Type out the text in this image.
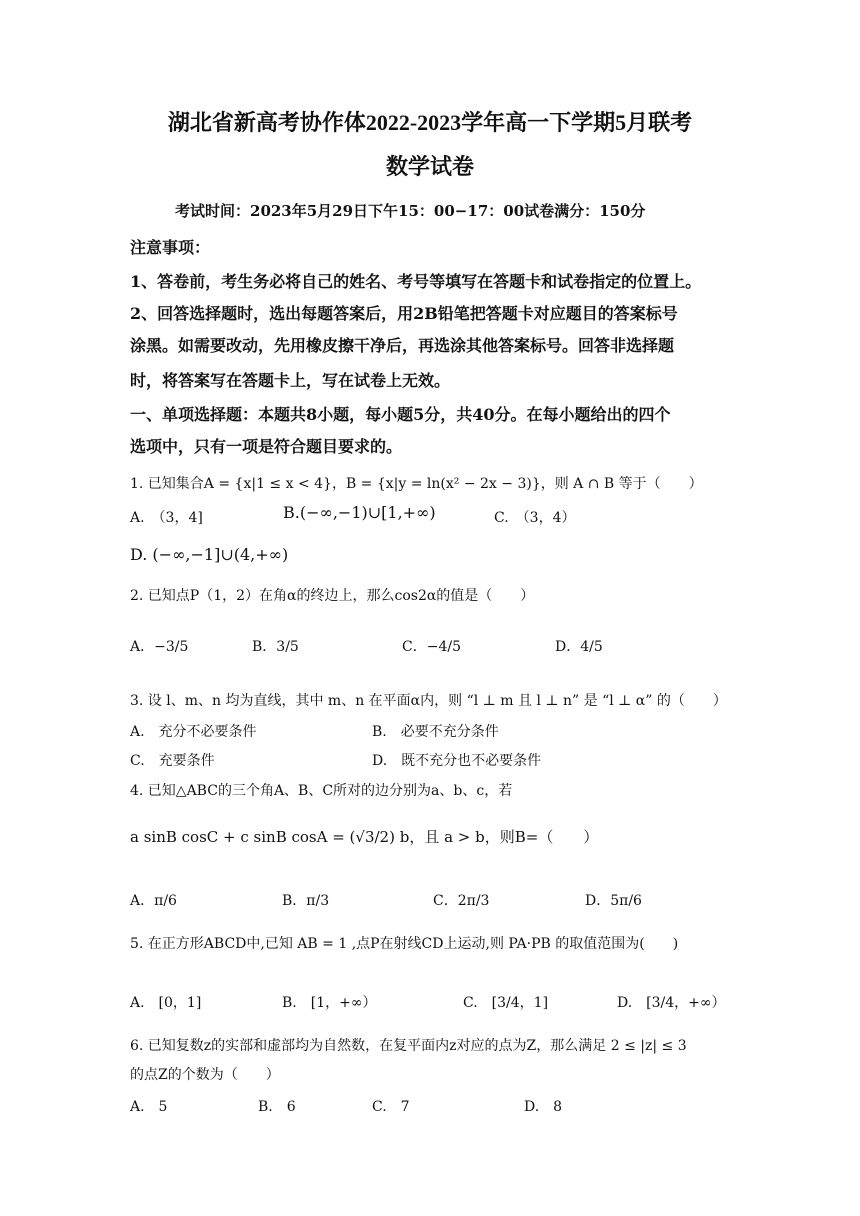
湖北省新高考协作体2022-2023学年高一下学期5月联考
数学试卷
考试时间：2023年5月29日下午15：00−17：00试卷满分：150分
注意事项：
1、答卷前，考生务必将自己的姓名、考号等填写在答题卡和试卷指定的位置上。
2、回答选择题时，选出每题答案后，用2B铅笔把答题卡对应题目的答案标号
涂黑。如需要改动，先用橡皮擦干净后，再选涂其他答案标号。回答非选择题
时，将答案写在答题卡上，写在试卷上无效。
一、单项选择题：本题共8小题，每小题5分，共40分。在每小题给出的四个
选项中，只有一项是符合题目要求的。
1. 已知集合A = {x|1 ≤ x < 4}，B = {x|y = ln(x² − 2x − 3)}，则 A ∩ B 等于（　　）
A.　（3，4]	B.(−∞,−1)∪[1,+∞)	C.　（3，4）
D. (−∞,−1]∪(4,+∞)
2. 已知点P（1，2）在角α的终边上，那么cos2α的值是（　　）
A．−3/5	B．3/5	C．−4/5	D．4/5
3. 设 l、m、n 均为直线，其中 m、n 在平面α内，则 “l ⊥ m 且 l ⊥ n” 是 “l ⊥ α” 的（　　）
A.　充分不必要条件	B.　必要不充分条件
C.　充要条件	D.　既不充分也不必要条件
4. 已知△ABC的三个角A、B、C所对的边分别为a、b、c，若
a sinB cosC + c sinB cosA = (√3/2) b，且 a > b，则B=（　　）
A．π/6	B．π/3	C．2π/3	D．5π/6
5. 在正方形ABCD中,已知 AB = 1 ,点P在射线CD上运动,则 PA·PB 的取值范围为(　　)
A.　[0，1]	B.　[1，+∞）	C.　[3/4，1]	D.　[3/4，+∞）
6. 已知复数z的实部和虚部均为自然数，在复平面内z对应的点为Z，那么满足 2 ≤ |z| ≤ 3
的点Z的个数为（　　）
A.　5	B.　6	C.　7	D.　8
